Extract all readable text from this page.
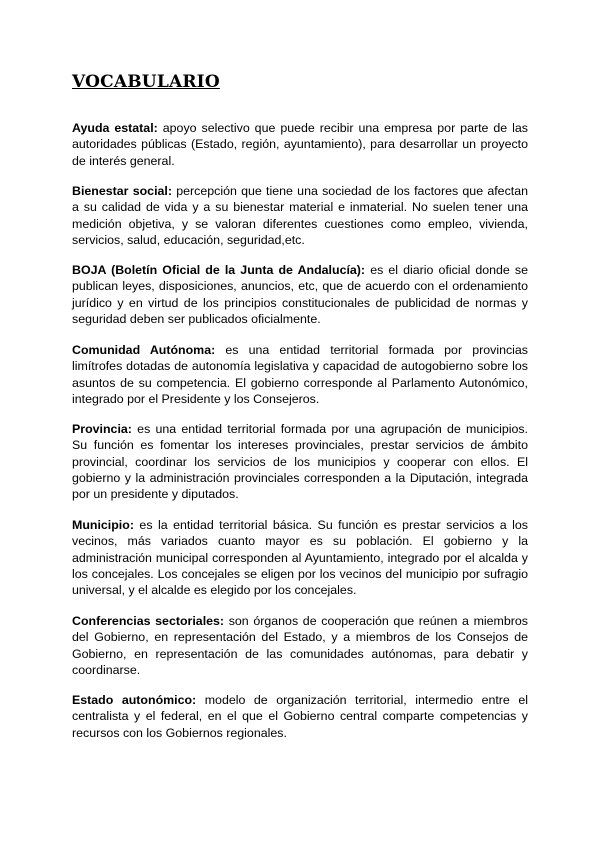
VOCABULARIO

Ayuda estatal: apoyo selectivo que puede recibir una empresa por parte de las autoridades públicas (Estado, región, ayuntamiento), para desarrollar un proyecto de interés general.

Bienestar social: percepción que tiene una sociedad de los factores que afectan a su calidad de vida y a su bienestar material e inmaterial. No suelen tener una medición objetiva, y se valoran diferentes cuestiones como empleo, vivienda, servicios, salud, educación, seguridad,etc.

BOJA (Boletín Oficial de la Junta de Andalucía): es el diario oficial donde se publican leyes, disposiciones, anuncios, etc, que de acuerdo con el ordenamiento jurídico y en virtud de los principios constitucionales de publicidad de normas y seguridad deben ser publicados oficialmente.

Comunidad Autónoma: es una entidad territorial formada por provincias limítrofes dotadas de autonomía legislativa y capacidad de autogobierno sobre los asuntos de su competencia. El gobierno corresponde al Parlamento Autonómico, integrado por el Presidente y los Consejeros.

Provincia: es una entidad territorial formada por una agrupación de municipios. Su función es fomentar los intereses provinciales, prestar servicios de ámbito provincial, coordinar los servicios de los municipios y cooperar con ellos. El gobierno y la administración provinciales corresponden a la Diputación, integrada por un presidente y diputados.

Municipio: es la entidad territorial básica. Su función es prestar servicios a los vecinos, más variados cuanto mayor es su población. El gobierno y la administración municipal corresponden al Ayuntamiento, integrado por el alcalda y los concejales. Los concejales se eligen por los vecinos del municipio por sufragio universal, y el alcalde es elegido por los concejales.

Conferencias sectoriales: son órganos de cooperación que reúnen a miembros del Gobierno, en representación del Estado, y a miembros de los Consejos de Gobierno, en representación de las comunidades autónomas, para debatir y coordinarse.

Estado autonómico: modelo de organización territorial, intermedio entre el centralista y el federal, en el que el Gobierno central comparte competencias y recursos con los Gobiernos regionales.
